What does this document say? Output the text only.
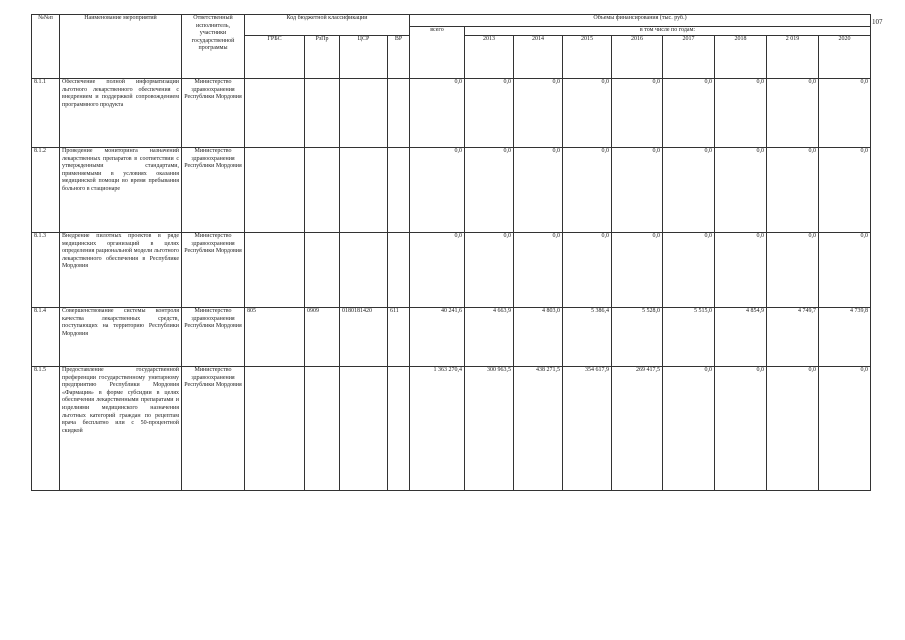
107
№№п	Наименование мероприятий	Ответственный исполнитель, участники государственной программы	Код бюджетной классификации				Объемы финансирования (тыс. руб.)								
							всего	в том числе по годам:							
			ГРБС	РзПр	ЦСР	ВР		2013	2014	2015	2016	2017	2018	2 019	2020

8.1.1	Обеспечение полной информатизации льготного лекарственного обеспечения с внедрением и поддержкой сопровождением программного продукта	Министерство здравоохранения Республики Мордовия					0,0	0,0	0,0	0,0	0,0	0,0	0,0	0,0	0,0
8.1.2	Проведение мониторинга назначений лекарственных препаратов в соответствии с утвержденными стандартами, применяемыми в условиях оказания медицинской помощи во время пребывания больного в стационаре	Министерство здравоохранения Республики Мордовия					0,0	0,0	0,0	0,0	0,0	0,0	0,0	0,0	0,0
8.1.3	Внедрение пилотных проектов в ряде медицинских организаций в целях определения рациональной модели льготного лекарственного обеспечения в Республике Мордовия	Министерство здравоохранения Республики Мордовия					0,0	0,0	0,0	0,0	0,0	0,0	0,0	0,0	0,0
8.1.4	Совершенствование системы контроля качества лекарственных средств, поступающих на территорию Республики Мордовия	Министерство здравоохранения Республики Мордовия	805	0909	0180181420	611	40 241,6	4 663,9	4 803,0	5 386,4	5 528,0	5 515,0	4 854,9	4 749,7	4 739,8
8.1.5	Предоставление государственной преференции государственному унитарному предприятию Республики Мордовия «Фармация» в форме субсидии в целях обеспечения лекарственными препаратами и изделиями медицинского назначения льготных категорий граждан по рецептам врача бесплатно или с 50-процентной скидкой	Министерство здравоохранения Республики Мордовия					1 363 270,4	300 963,5	438 271,5	354 617,9	269 417,5	0,0	0,0	0,0	0,0
